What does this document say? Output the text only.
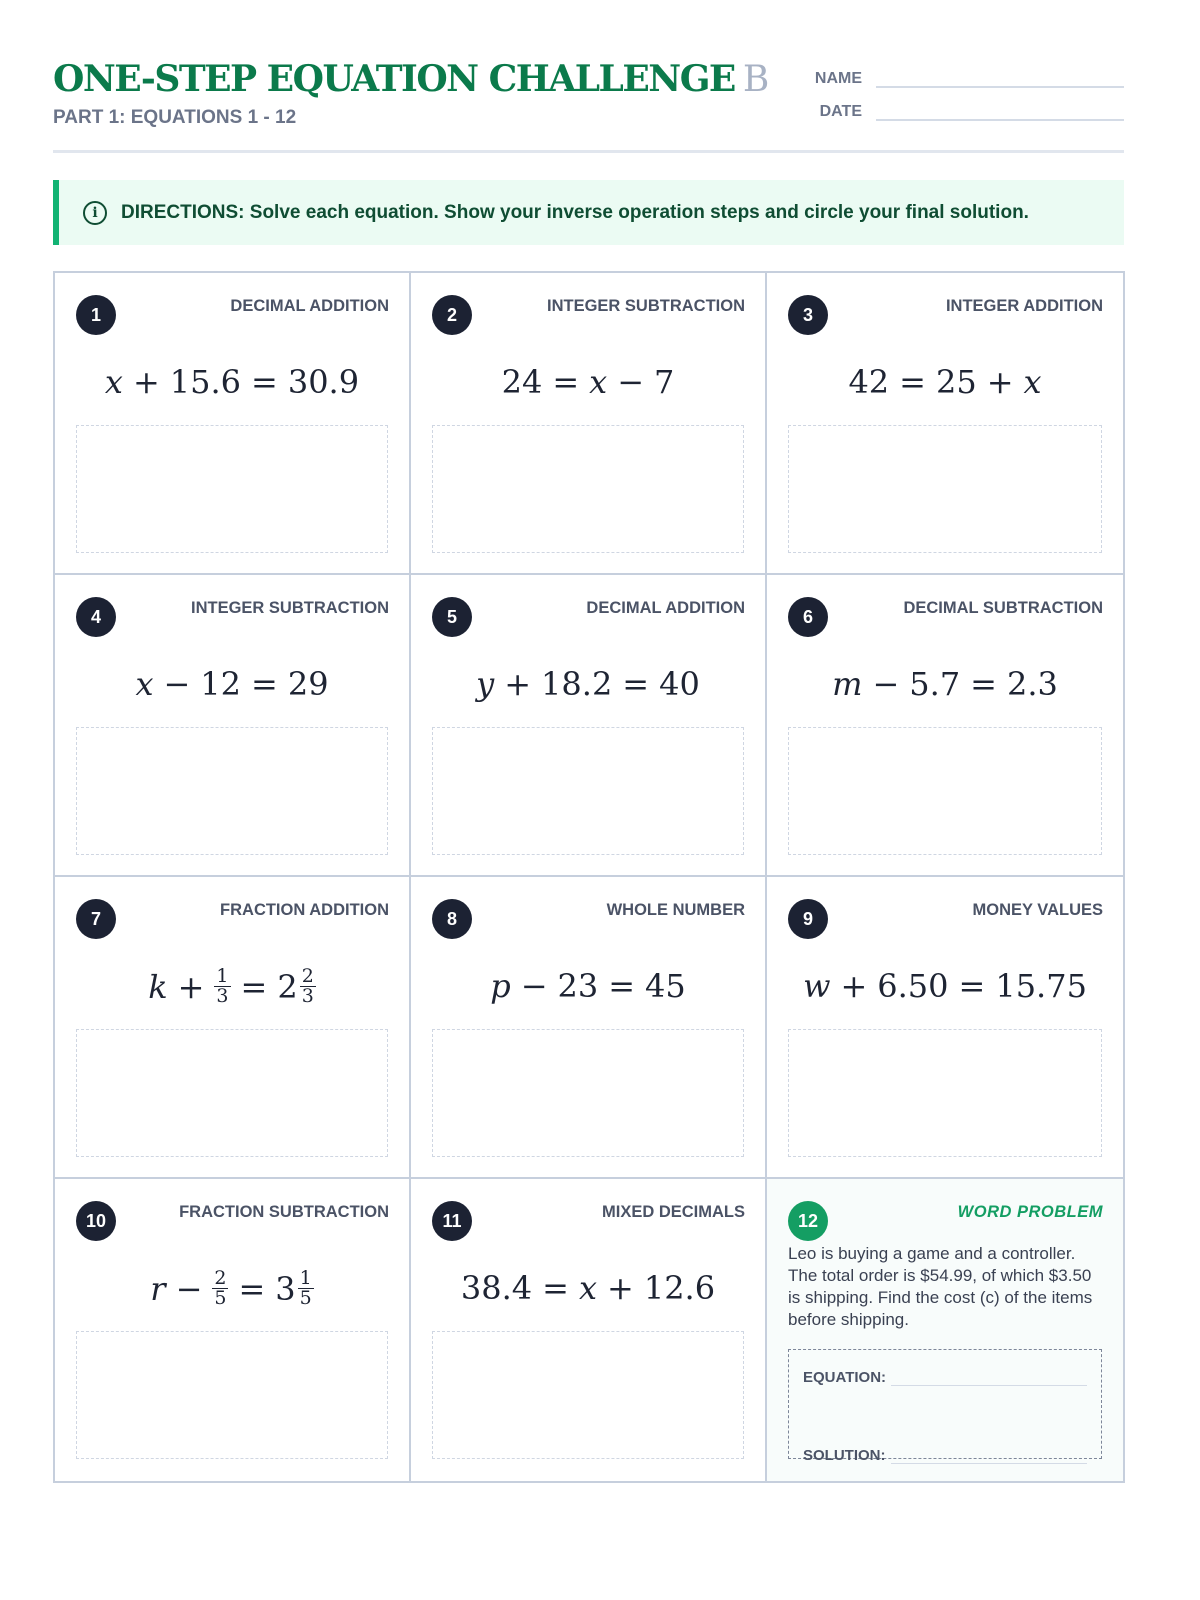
ONE-STEP EQUATION CHALLENGE B
PART 1: EQUATIONS 1 - 12
NAME
DATE
i	DIRECTIONS: Solve each equation. Show your inverse operation steps and circle your final solution.
1	DECIMAL ADDITION
x + 15.6 = 30.9
2	INTEGER SUBTRACTION
24 = x − 7
3	INTEGER ADDITION
42 = 25 + x
4	INTEGER SUBTRACTION
x − 12 = 29
5	DECIMAL ADDITION
y + 18.2 = 40
6	DECIMAL SUBTRACTION
m − 5.7 = 2.3
7	FRACTION ADDITION
$k + \frac{1}{3} = 2 \frac{2}{3}$
8	WHOLE NUMBER
p − 23 = 45
9	MONEY VALUES
w + 6.50 = 15.75
10	FRACTION SUBTRACTION
$r - \frac{2}{5} = 3 \frac{1}{5}$
11	MIXED DECIMALS
38.4 = x + 12.6
12	WORD PROBLEM
Leo is buying a game and a controller. The total order is $54.99, of which $3.50 is shipping. Find the cost (c) of the items before shipping.
EQUATION:
SOLUTION:
